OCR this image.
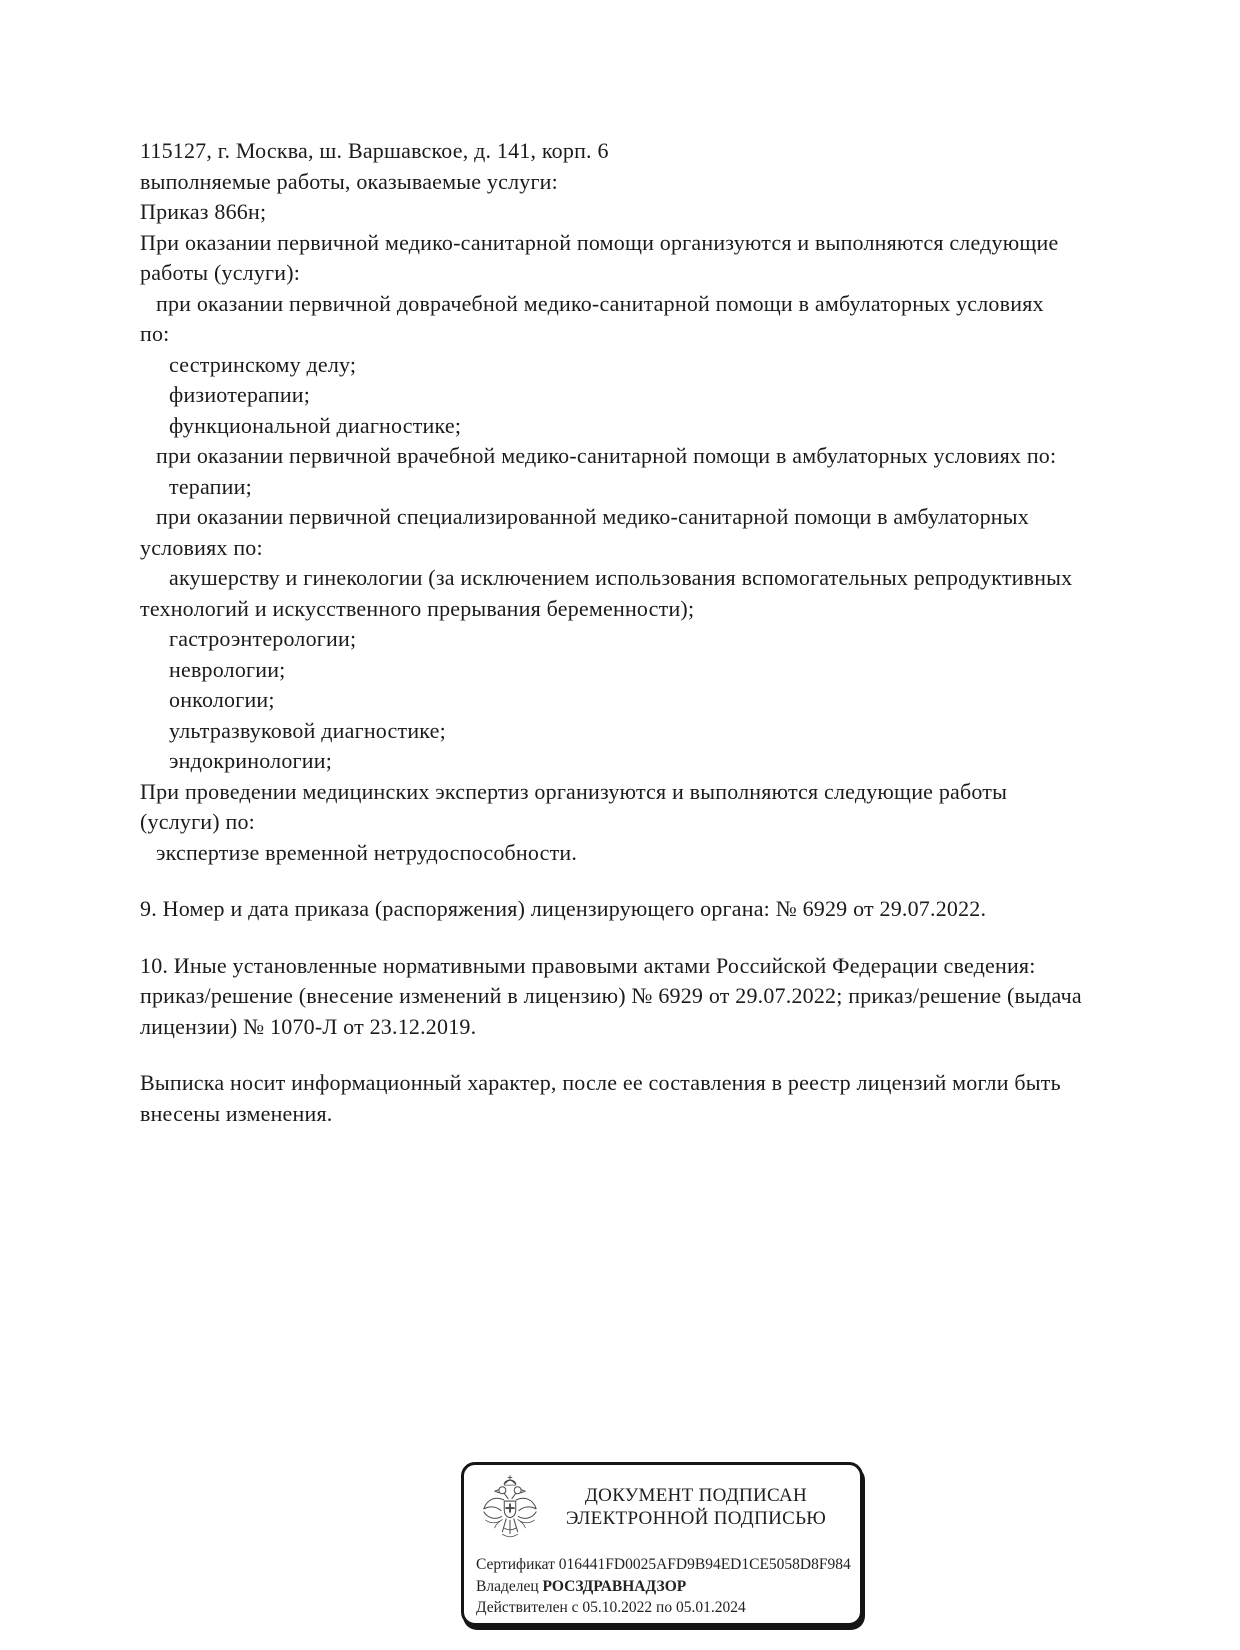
115127, г. Москва, ш. Варшавское, д. 141, корп. 6
выполняемые работы, оказываемые услуги:
Приказ 866н;
При оказании первичной медико-санитарной помощи организуются и выполняются следующие
работы (услуги):
при оказании первичной доврачебной медико-санитарной помощи в амбулаторных условиях
по:
сестринскому делу;
физиотерапии;
функциональной диагностике;
при оказании первичной врачебной медико-санитарной помощи в амбулаторных условиях по:
терапии;
при оказании первичной специализированной медико-санитарной помощи в амбулаторных
условиях по:
акушерству и гинекологии (за исключением использования вспомогательных репродуктивных
технологий и искусственного прерывания беременности);
гастроэнтерологии;
неврологии;
онкологии;
ультразвуковой диагностике;
эндокринологии;
При проведении медицинских экспертиз организуются и выполняются следующие работы
(услуги) по:
экспертизе временной нетрудоспособности.
9. Номер и дата приказа (распоряжения) лицензирующего органа: № 6929 от 29.07.2022.
10. Иные установленные нормативными правовыми актами Российской Федерации сведения:
приказ/решение (внесение изменений в лицензию) № 6929 от 29.07.2022; приказ/решение (выдача
лицензии) № 1070-Л от 23.12.2019.
Выписка носит информационный характер, после ее составления в реестр лицензий могли быть
внесены изменения.
ДОКУМЕНТ ПОДПИСАН
ЭЛЕКТРОННОЙ ПОДПИСЬЮ
Сертификат 016441FD0025AFD9B94ED1CE5058D8F984
Владелец РОСЗДРАВНАДЗОР
Действителен с 05.10.2022 по 05.01.2024
